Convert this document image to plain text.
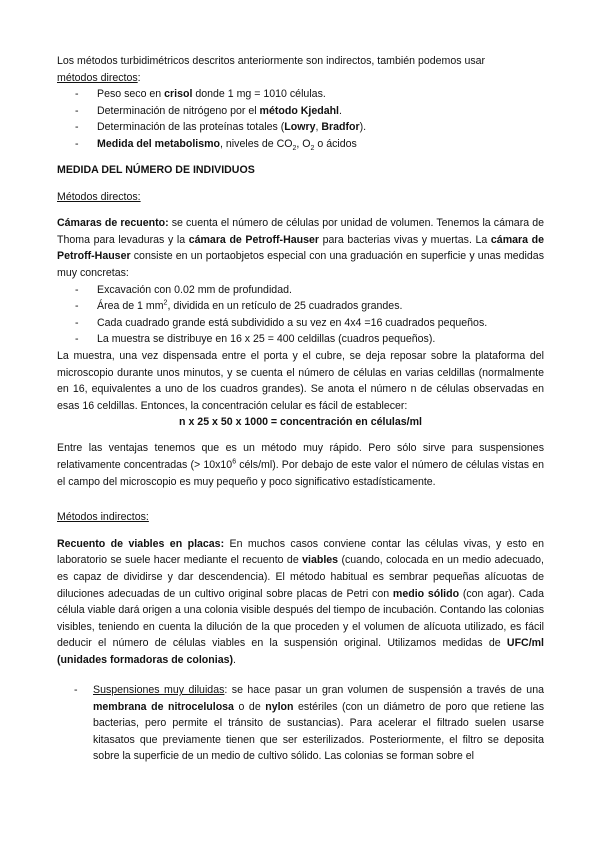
Los métodos turbidimétricos descritos anteriormente son indirectos, también podemos usar
métodos directos:

- Peso seco en crisol donde 1 mg = 1010 células.
- Determinación de nitrógeno por el método Kjedahl.
- Determinación de las proteínas totales (Lowry, Bradfor).
- Medida del metabolismo, niveles de $CO_2$, $O_2$ o ácidos

MEDIDA DEL NÚMERO DE INDIVIDUOS

Métodos directos:

Cámaras de recuento: se cuenta el número de células por unidad de volumen. Tenemos la cámara de Thoma para levaduras y la cámara de Petroff-Hauser para bacterias vivas y muertas. La cámara de Petroff-Hauser consiste en un portaobjetos especial con una graduación en superficie y unas medidas muy concretas:

- Excavación con 0.02 mm de profundidad.
- Área de 1 $mm^2$, dividida en un retículo de 25 cuadrados grandes.
- Cada cuadrado grande está subdividido a su vez en 4x4 =16 cuadrados pequeños.
- La muestra se distribuye en 16 x 25 = 400 celdillas (cuadros pequeños).

La muestra, una vez dispensada entre el porta y el cubre, se deja reposar sobre la plataforma del microscopio durante unos minutos, y se cuenta el número de células en varias celdillas (normalmente en 16, equivalentes a uno de los cuadros grandes). Se anota el número n de células observadas en esas 16 celdillas. Entonces, la concentración celular es fácil de establecer:

n x 25 x 50 x 1000 = concentración en células/ml

Entre las ventajas tenemos que es un método muy rápido. Pero sólo sirve para suspensiones relativamente concentradas (> $10x10^6$ céls/ml). Por debajo de este valor el número de células vistas en el campo del microscopio es muy pequeño y poco significativo estadísticamente.

Métodos indirectos:

Recuento de viables en placas: En muchos casos conviene contar las células vivas, y esto en laboratorio se suele hacer mediante el recuento de viables (cuando, colocada en un medio adecuado, es capaz de dividirse y dar descendencia). El método habitual es sembrar pequeñas alícuotas de diluciones adecuadas de un cultivo original sobre placas de Petri con medio sólido (con agar). Cada célula viable dará origen a una colonia visible después del tiempo de incubación. Contando las colonias visibles, teniendo en cuenta la dilución de la que proceden y el volumen de alícuota utilizado, es fácil deducir el número de células viables en la suspensión original. Utilizamos medidas de UFC/ml (unidades formadoras de colonias).

- Suspensiones muy diluidas: se hace pasar un gran volumen de suspensión a través de una membrana de nitrocelulosa o de nylon estériles (con un diámetro de poro que retiene las bacterias, pero permite el tránsito de sustancias). Para acelerar el filtrado suelen usarse kitasatos que previamente tienen que ser esterilizados. Posteriormente, el filtro se deposita sobre la superficie de un medio de cultivo sólido. Las colonias se forman sobre el
